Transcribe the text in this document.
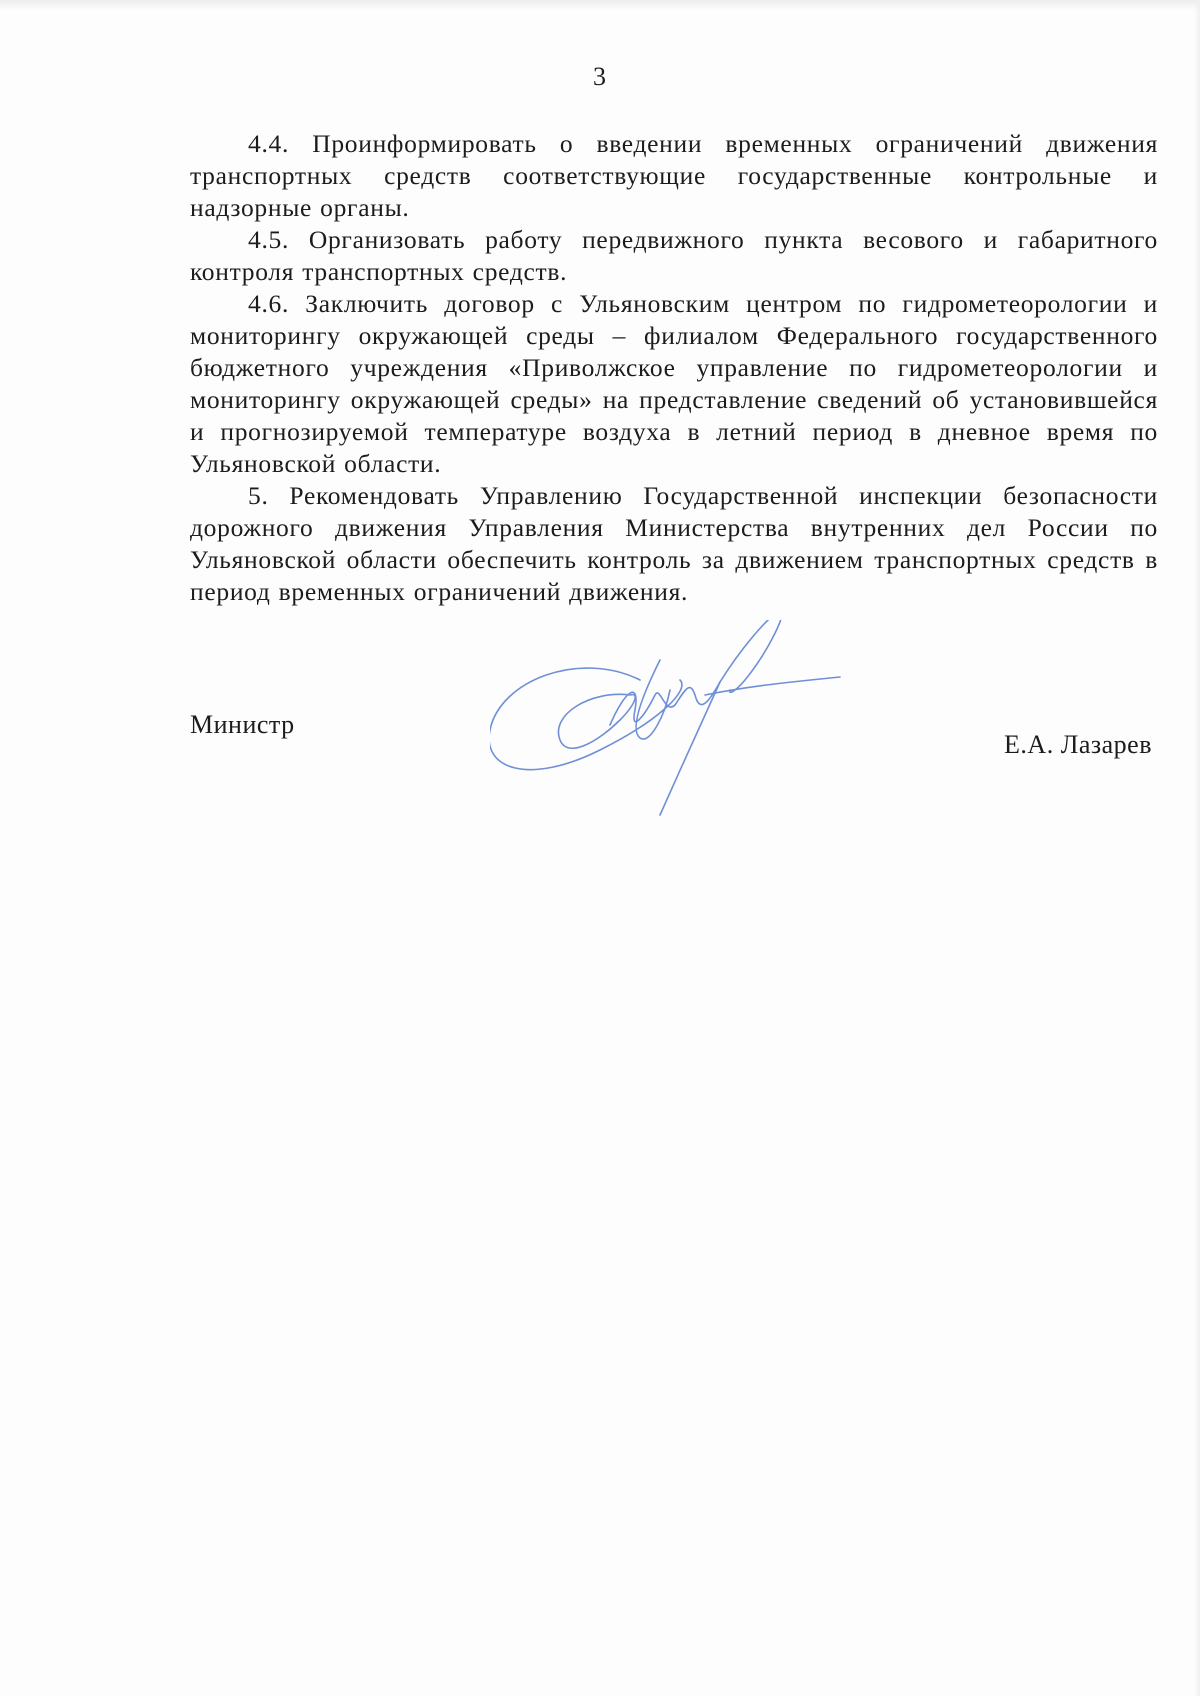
3

4.4. Проинформировать о введении временных ограничений движения транспортных средств соответствующие государственные контрольные и надзорные органы.

4.5. Организовать работу передвижного пункта весового и габаритного контроля транспортных средств.

4.6. Заключить договор с Ульяновским центром по гидрометеорологии и мониторингу окружающей среды – филиалом Федерального государственного бюджетного учреждения «Приволжское управление по гидрометеорологии и мониторингу окружающей среды» на представление сведений об установившейся и прогнозируемой температуре воздуха в летний период в дневное время по Ульяновской области.

5. Рекомендовать Управлению Государственной инспекции безопасности дорожного движения Управления Министерства внутренних дел России по Ульяновской области обеспечить контроль за движением транспортных средств в период временных ограничений движения.

Министр
Е.А. Лазарев
